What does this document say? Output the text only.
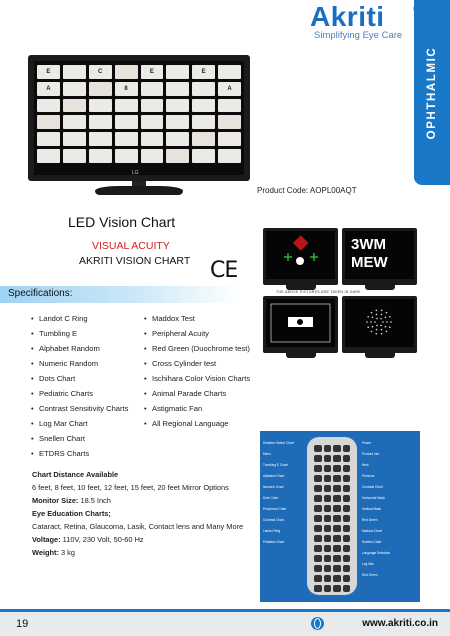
Akriti
Simplifying Eye Care
OPHTHALMIC
E	C	E	E
A	8	A
LG
Product Code: AOPL00AQT
LED Vision Chart
VISUAL ACUITY
AKRITI VISION CHART CE
3WM
MEW
THE ABOVE PICTURES ARE TAKEN IN DARK
Specifications:
• Landot C Ring
• Tumbling E
• Alphabet Random
• Numeric Random
• Dots Chart
• Pediatric Charts
• Contrast Sensitivity Charts
• Log Mar Chart
• Snellen Chart
• ETDRS Charts
• Maddox Test
• Peripheral Acuity
• Red Green (Duochrome test)
• Cross Cylinder test
• Ischihara Color Vision Charts
• Animal Parade Charts
• Astigmatic Fan
• All Regional Language
Chart Distance Available
6 feet, 8 feet, 10 feet, 12 feet, 15 feet, 20 feet Mirror Options
Monitor Size: 18.5 Inch
Eye Education Charts;
Cataract, Retina, Glaucoma, Lasik, Contact lens and Many More
Voltage: 110V, 230 Volt, 50-60 Hz
Weight: 3 kg
Dictation Select Chart
Menu
Tumbling E Chart
Alphabet Chart
Numeric Chart
Dots Chart
Peripheral Chart
Contrast Chart
Landot Ring
Pediatric Chart
Power
Product Info
Next
Previous
Contrast Chart
Horizontal Mask
Vertical Mask
Red Green
Maddox Chart
Snellen Chart
Language Selection
Log Mar
Red Green
19	www.akriti.co.in
